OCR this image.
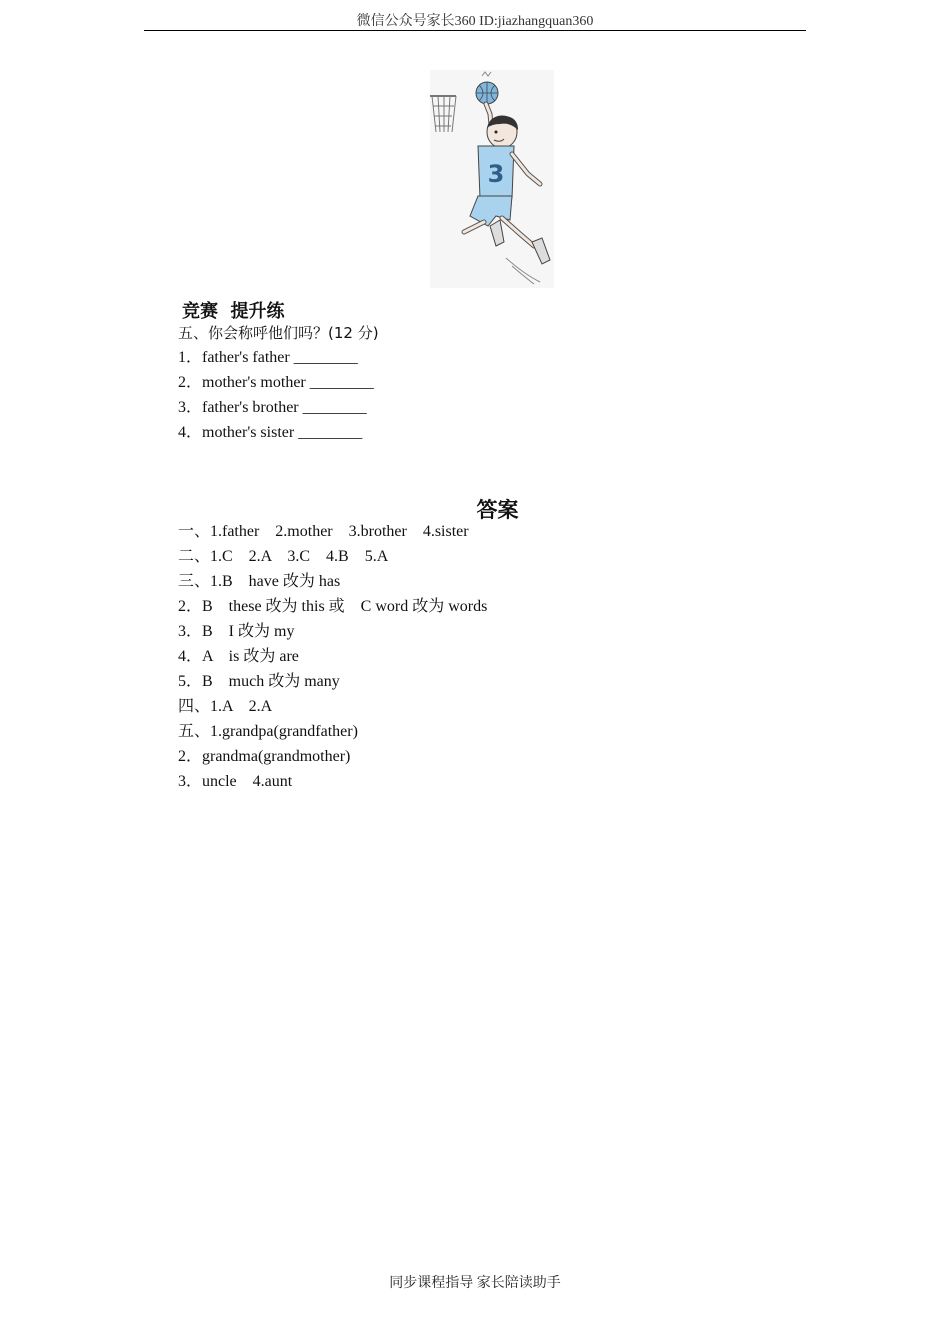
微信公众号家长360 ID:jiazhangquan360
3
竞赛  提升练
五、你会称呼他们吗？(12 分)
1．father's father ________
2．mother's mother ________
3．father's brother ________
4．mother's sister ________
答案
一、1.father    2.mother    3.brother    4.sister
二、1.C    2.A    3.C    4.B    5.A
三、1.B    have 改为 has
2．B    these 改为 this 或    C word 改为 words
3．B    I 改为 my
4．A    is 改为 are
5．B    much 改为 many
四、1.A    2.A
五、1.grandpa(grandfather)
2．grandma(grandmother)
3．uncle    4.aunt
同步课程指导 家长陪读助手
